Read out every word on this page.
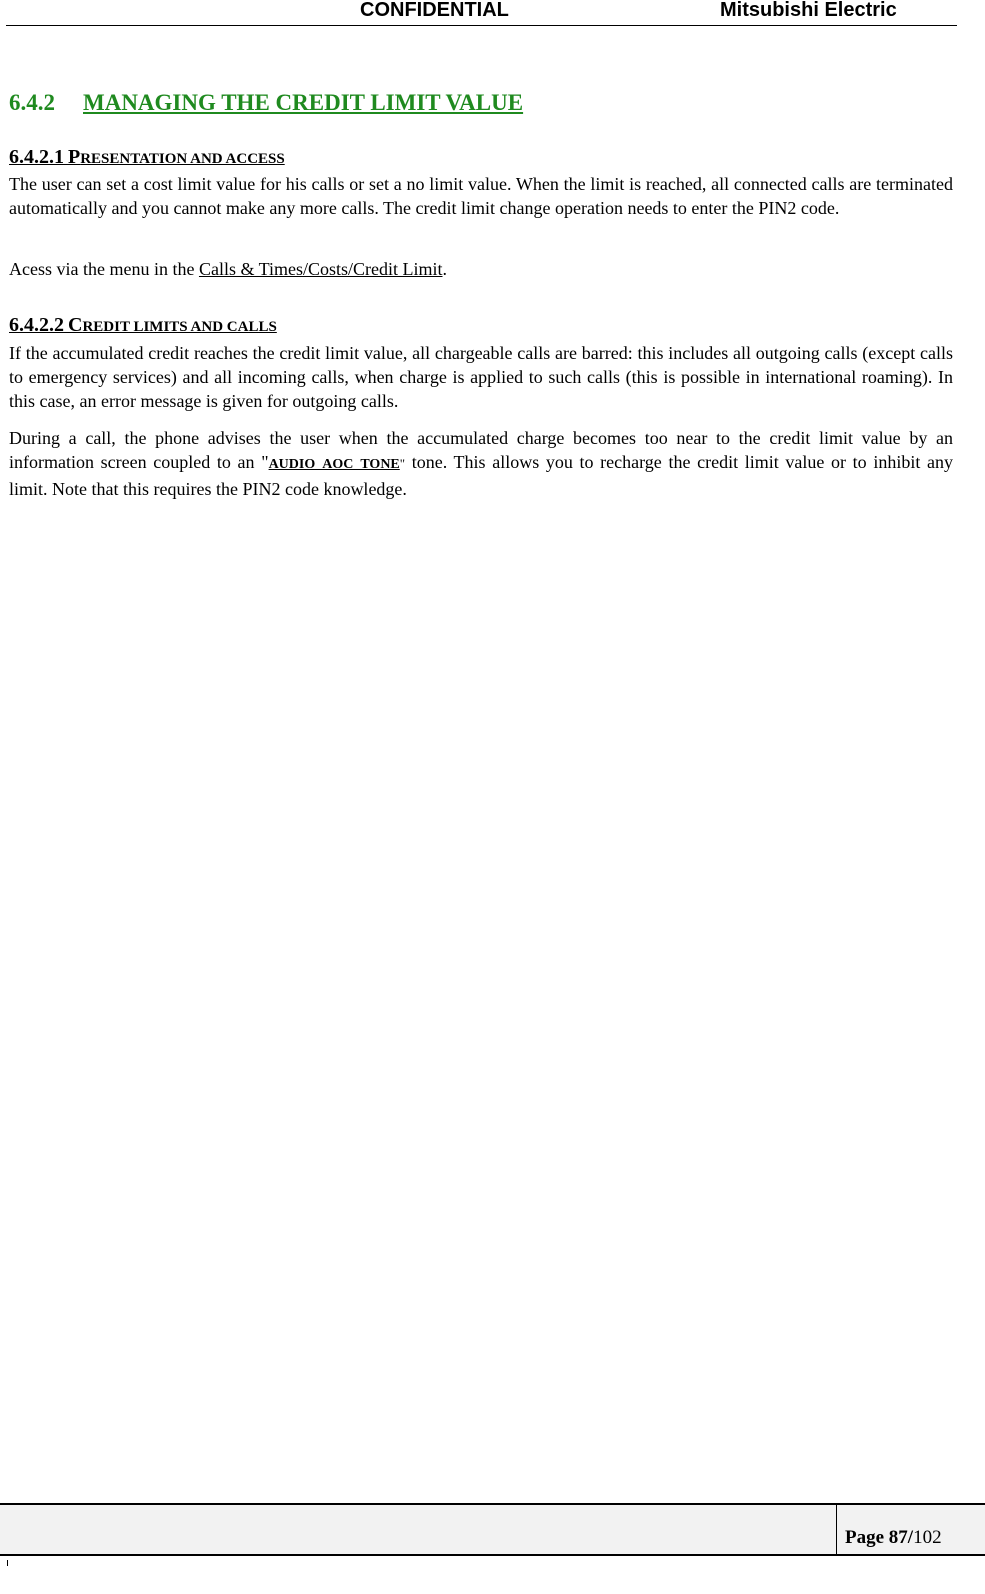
CONFIDENTIAL	Mitsubishi Electric
6.4.2 MANAGING THE CREDIT LIMIT VALUE
6.4.2.1 PRESENTATION AND ACCESS

The user can set a cost limit value for his calls or set a no limit value. When the limit is reached, all connected calls are terminated automatically and you cannot make any more calls. The credit limit change operation needs to enter the PIN2 code.

Acess via the menu in the Calls & Times/Costs/Credit Limit.

6.4.2.2 CREDIT LIMITS AND CALLS

If the accumulated credit reaches the credit limit value, all chargeable calls are barred: this includes all outgoing calls (except calls to emergency services) and all incoming calls, when charge is applied to such calls (this is possible in international roaming). In this case, an error message is given for outgoing calls.

During a call, the phone advises the user when the accumulated charge becomes too near to the credit limit value by an information screen coupled to an "AUDIO_AOC_TONE" tone. This allows you to recharge the credit limit value or to inhibit any limit. Note that this requires the PIN2 code knowledge.

Page 87/102
